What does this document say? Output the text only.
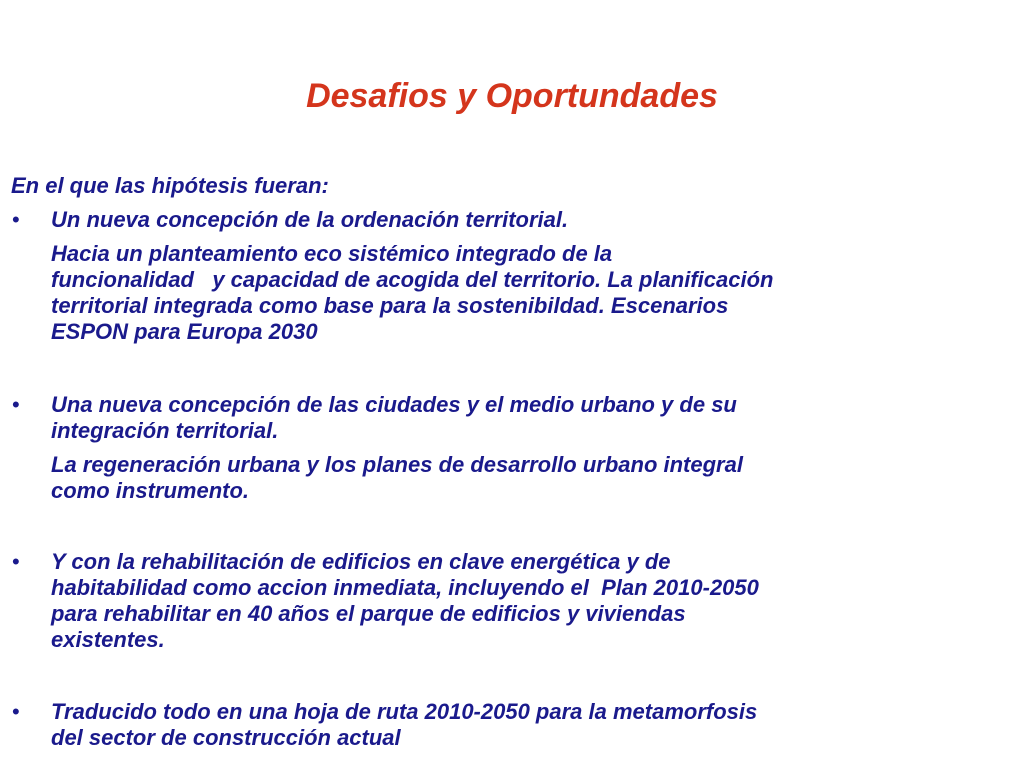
Desafios y Oportundades

En el que las hipótesis fueran:

• Un nueva concepción de la ordenación territorial.
Hacia un planteamiento eco sistémico integrado de la
funcionalidad   y capacidad de acogida del territorio. La planificación
territorial integrada como base para la sostenibildad. Escenarios
ESPON para Europa 2030
• Una nueva concepción de las ciudades y el medio urbano y de su
integración territorial.
La regeneración urbana y los planes de desarrollo urbano integral
como instrumento.
• Y con la rehabilitación de edificios en clave energética y de
habitabilidad como accion inmediata, incluyendo el  Plan 2010-2050
para rehabilitar en 40 años el parque de edificios y viviendas
existentes.
• Traducido todo en una hoja de ruta 2010-2050 para la metamorfosis
del sector de construcción actual
